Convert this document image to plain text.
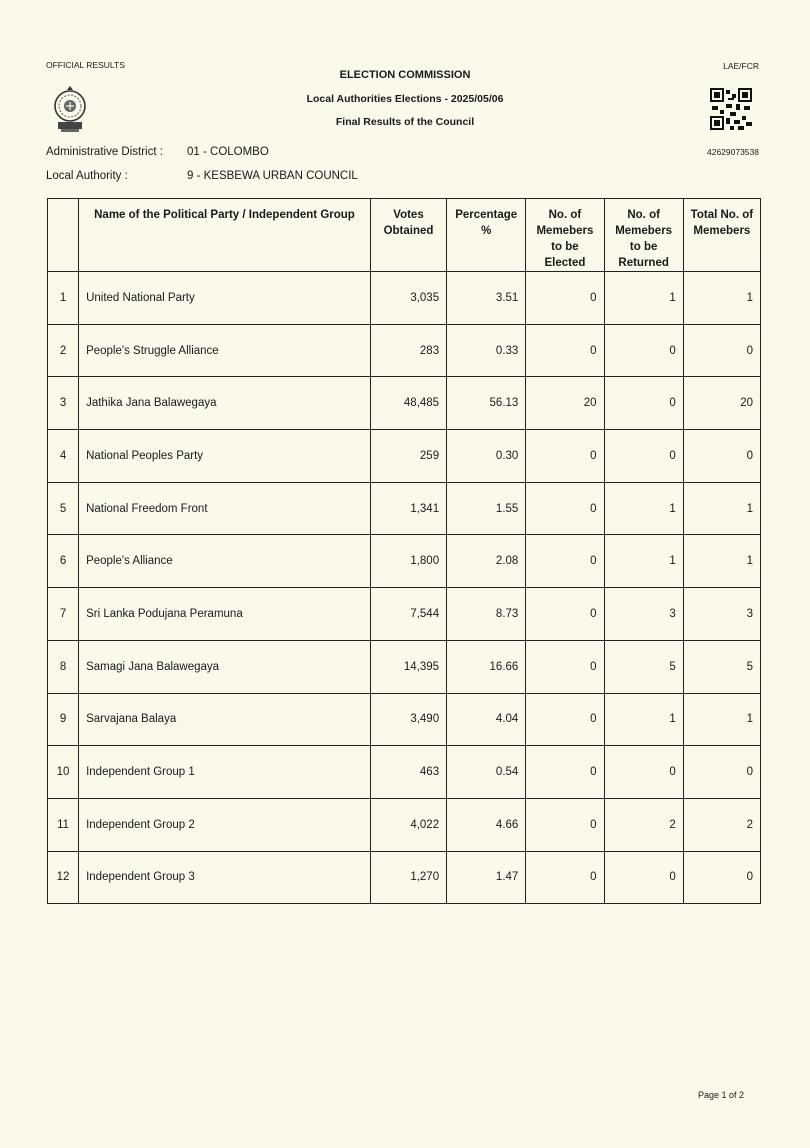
OFFICIAL RESULTS	LAE/FCR
ELECTION COMMISSION
Local Authorities Elections - 2025/05/06
Final Results of the Council
42629073538
Administrative District : 01 - COLOMBO
Local Authority :	9 - KESBEWA URBAN COUNCIL
	Name of the Political Party / Independent Group	Votes Obtained	Percentage %	No. of Memebers to be Elected	No. of Memebers to be Returned	Total No. of Memebers
1	United National Party	3,035	3.51	0	1	1
2	People's Struggle Alliance	283	0.33	0	0	0
3	Jathika Jana Balawegaya	48,485	56.13	20	0	20
4	National Peoples Party	259	0.30	0	0	0
5	National Freedom Front	1,341	1.55	0	1	1
6	People's Alliance	1,800	2.08	0	1	1
7	Sri Lanka Podujana Peramuna	7,544	8.73	0	3	3
8	Samagi Jana Balawegaya	14,395	16.66	0	5	5
9	Sarvajana Balaya	3,490	4.04	0	1	1
10	Independent Group 1	463	0.54	0	0	0
11	Independent Group 2	4,022	4.66	0	2	2
12	Independent Group 3	1,270	1.47	0	0	0
Page 1 of 2
